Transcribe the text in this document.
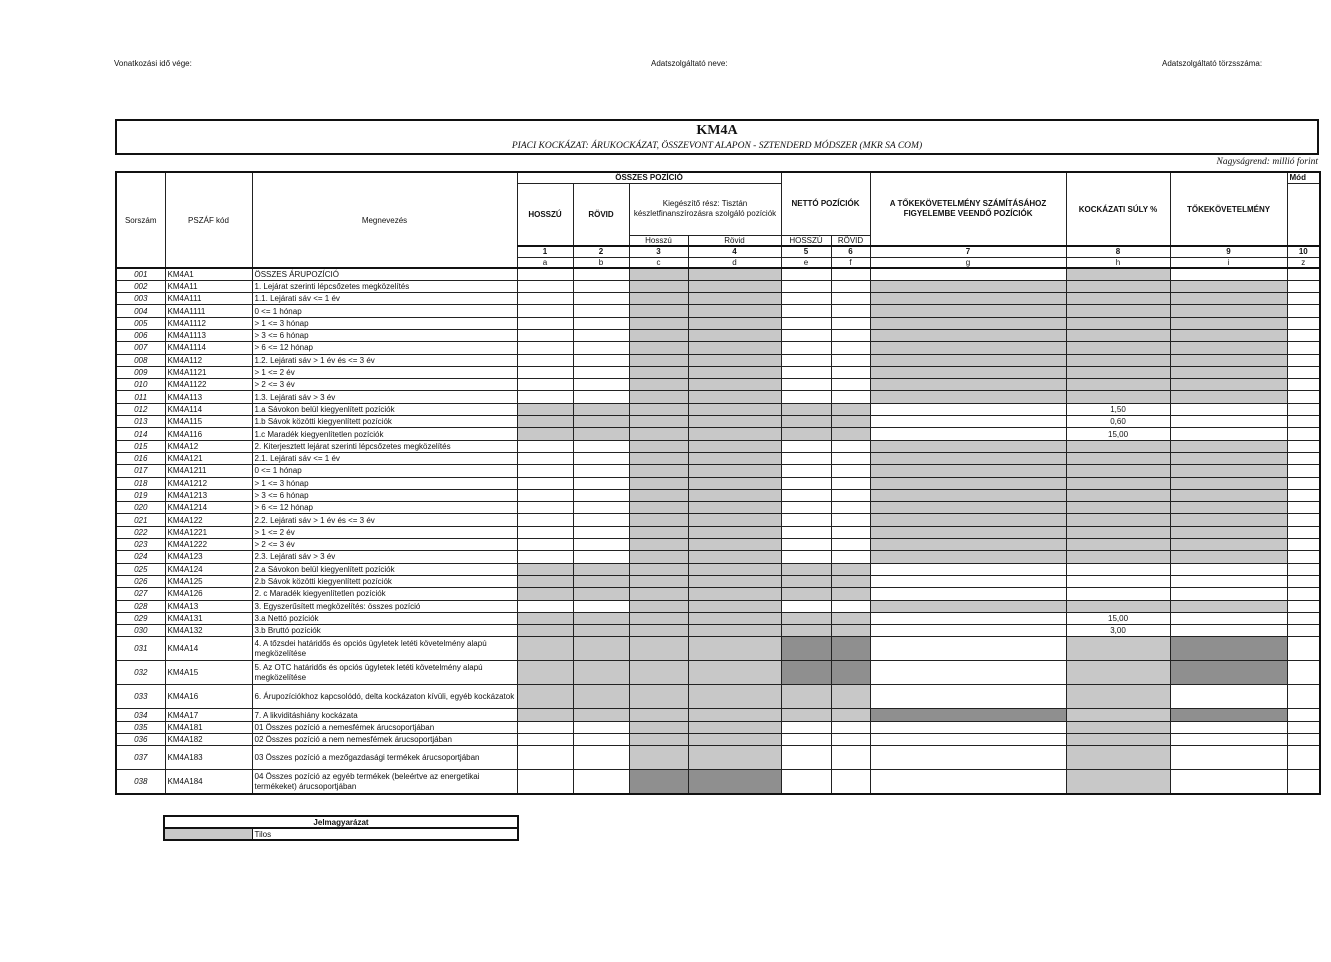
Vonatkozási idő vége:	Adatszolgáltató neve:	Adatszolgáltató törzsszáma:
KM4A
PIACI KOCKÁZAT: ÁRUKOCKÁZAT, ÖSSZEVONT ALAPON - SZTENDERD MÓDSZER (MKR SA COM)
Nagyságrend: millió forint
Sorszám	PSZÁF kód	Megnevezés	ÖSSZES POZÍCIÓ				NETTÓ POZÍCIÓK		A TŐKEKÖVETELMÉNY SZÁMÍTÁSÁHOZ FIGYELEMBE VEENDŐ POZÍCIÓK	KOCKÁZATI SÚLY %	TŐKEKÖVETELMÉNY	Mód
			HOSSZÚ	RÖVID	Kiegészítő rész: Tisztán készletfinanszírozásra szolgáló pozíciók							
					Hosszú	Rövid	HOSSZÚ	RÖVID				
			1	2	3	4	5	6	7	8	9	10
			a	b	c	d	e	f	g	h	i	z
001	KM4A1	ÖSSZES ÁRUPOZÍCIÓ										
002	KM4A11	1. Lejárat szerinti lépcsőzetes megközelítés										
003	KM4A111	1.1. Lejárati sáv <= 1 év										
004	KM4A1111	0 <= 1 hónap										
005	KM4A1112	> 1 <= 3 hónap										
006	KM4A1113	> 3 <= 6 hónap										
007	KM4A1114	> 6 <= 12 hónap										
008	KM4A112	1.2. Lejárati sáv > 1 év és <= 3 év										
009	KM4A1121	> 1 <= 2 év										
010	KM4A1122	> 2 <= 3 év										
011	KM4A113	1.3. Lejárati sáv > 3 év										
012	KM4A114	1.a Sávokon belül kiegyenlített pozíciók								1,50		
013	KM4A115	1.b Sávok közötti kiegyenlített pozíciók								0,60		
014	KM4A116	1.c Maradék kiegyenlítetlen pozíciók								15,00		
015	KM4A12	2. Kiterjesztett lejárat szerinti lépcsőzetes megközelítés										
016	KM4A121	2.1. Lejárati sáv <= 1 év										
017	KM4A1211	0 <= 1 hónap										
018	KM4A1212	> 1 <= 3 hónap										
019	KM4A1213	> 3 <= 6 hónap										
020	KM4A1214	> 6 <= 12 hónap										
021	KM4A122	2.2. Lejárati sáv > 1 év és <= 3 év										
022	KM4A1221	> 1 <= 2 év										
023	KM4A1222	> 2 <= 3 év										
024	KM4A123	2.3. Lejárati sáv > 3 év										
025	KM4A124	2.a Sávokon belül kiegyenlített pozíciók										
026	KM4A125	2.b Sávok közötti kiegyenlített pozíciók										
027	KM4A126	2. c Maradék kiegyenlítetlen pozíciók										
028	KM4A13	3. Egyszerűsített megközelítés: összes pozíció										
029	KM4A131	3.a Nettó pozíciók								15,00		
030	KM4A132	3.b Bruttó pozíciók								3,00		
031	KM4A14	4. A tőzsdei határidős és opciós ügyletek letéti követelmény alapú megközelítése										
032	KM4A15	5. Az OTC határidős és opciós ügyletek letéti követelmény alapú megközelítése										
033	KM4A16	6. Árupozíciókhoz kapcsolódó, delta kockázaton kívüli, egyéb kockázatok										
034	KM4A17	7. A likviditáshiány kockázata										
035	KM4A181	01 Összes pozíció a nemesfémek árucsoportjában										
036	KM4A182	02 Összes pozíció a nem nemesfémek árucsoportjában										
037	KM4A183	03 Összes pozíció a mezőgazdasági termékek árucsoportjában										
038	KM4A184	04 Összes pozíció az egyéb termékek (beleértve az energetikai termékeket) árucsoportjában										
Jelmagyarázat
	Tilos
